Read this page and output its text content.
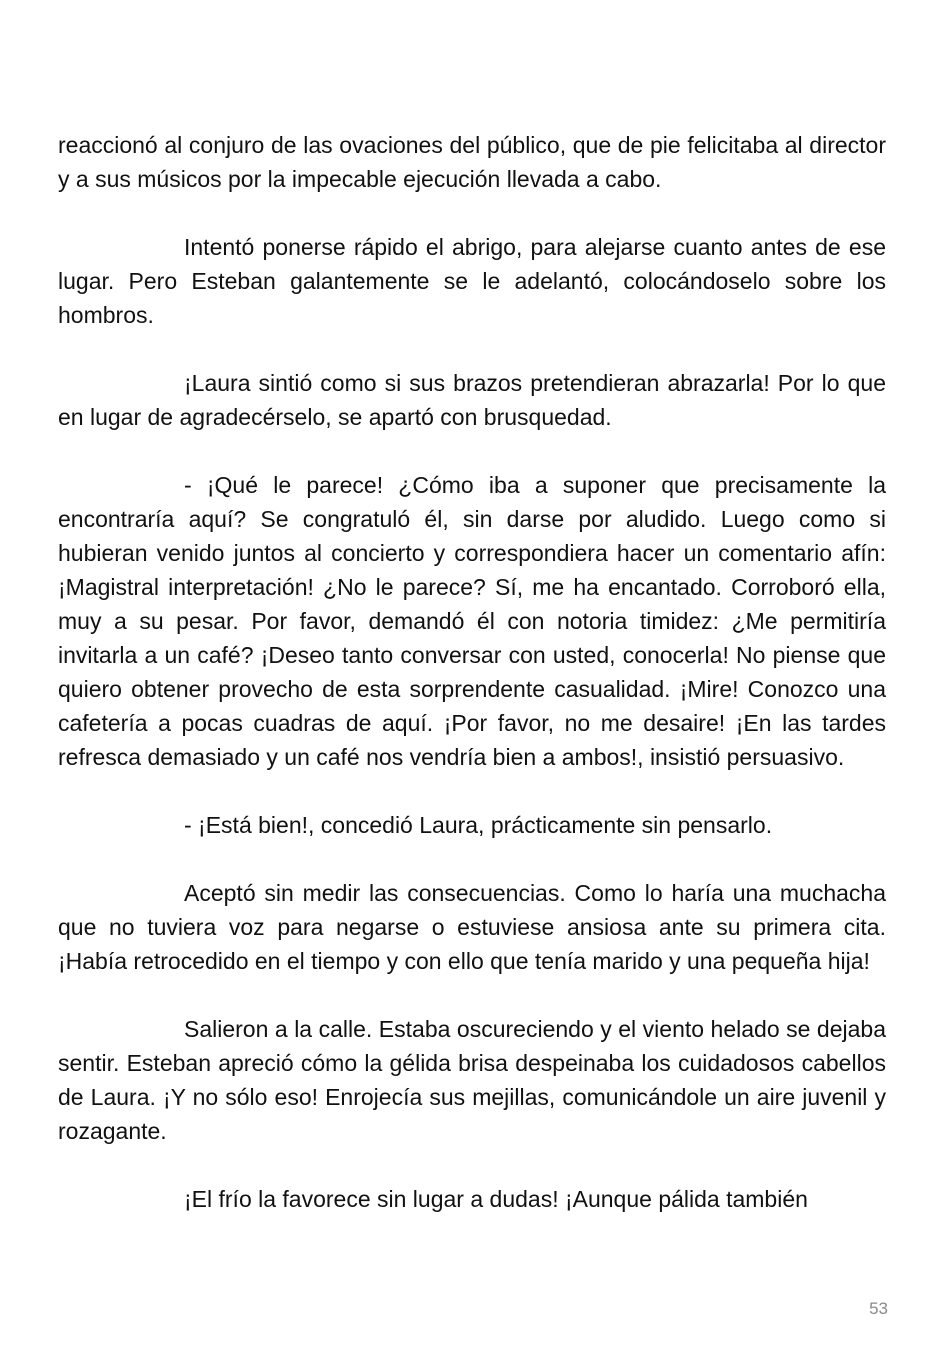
reaccionó al conjuro de las ovaciones del público, que de pie felicitaba al director y a sus músicos por la impecable ejecución llevada a cabo.

Intentó ponerse rápido el abrigo, para alejarse cuanto antes de ese lugar. Pero Esteban galantemente se le adelantó, colocándoselo sobre los hombros.

¡Laura sintió como si sus brazos pretendieran abrazarla! Por lo que en lugar de agradecérselo, se apartó con brusquedad.

- ¡Qué le parece! ¿Cómo iba a suponer que precisamente la encontraría aquí? Se congratuló él, sin darse por aludido. Luego como si hubieran venido juntos al concierto y correspondiera hacer un comentario afín: ¡Magistral interpretación! ¿No le parece? Sí, me ha encantado. Corroboró ella, muy a su pesar. Por favor, demandó él con notoria timidez: ¿Me permitiría invitarla a un café? ¡Deseo tanto conversar con usted, conocerla! No piense que quiero obtener provecho de esta sorprendente casualidad. ¡Mire! Conozco una cafetería a pocas cuadras de aquí. ¡Por favor, no me desaire! ¡En las tardes refresca demasiado y un café nos vendría bien a ambos!, insistió persuasivo.

- ¡Está bien!, concedió Laura, prácticamente sin pensarlo.

Aceptó sin medir las consecuencias. Como lo haría una muchacha que no tuviera voz para negarse o estuviese ansiosa ante su primera cita. ¡Había retrocedido en el tiempo y con ello que tenía marido y una pequeña hija!

Salieron a la calle. Estaba oscureciendo y el viento helado se dejaba sentir. Esteban apreció cómo la gélida brisa despeinaba los cuidadosos cabellos de Laura. ¡Y no sólo eso! Enrojecía sus mejillas, comunicándole un aire juvenil y rozagante.

¡El frío la favorece sin lugar a dudas! ¡Aunque pálida también

53
